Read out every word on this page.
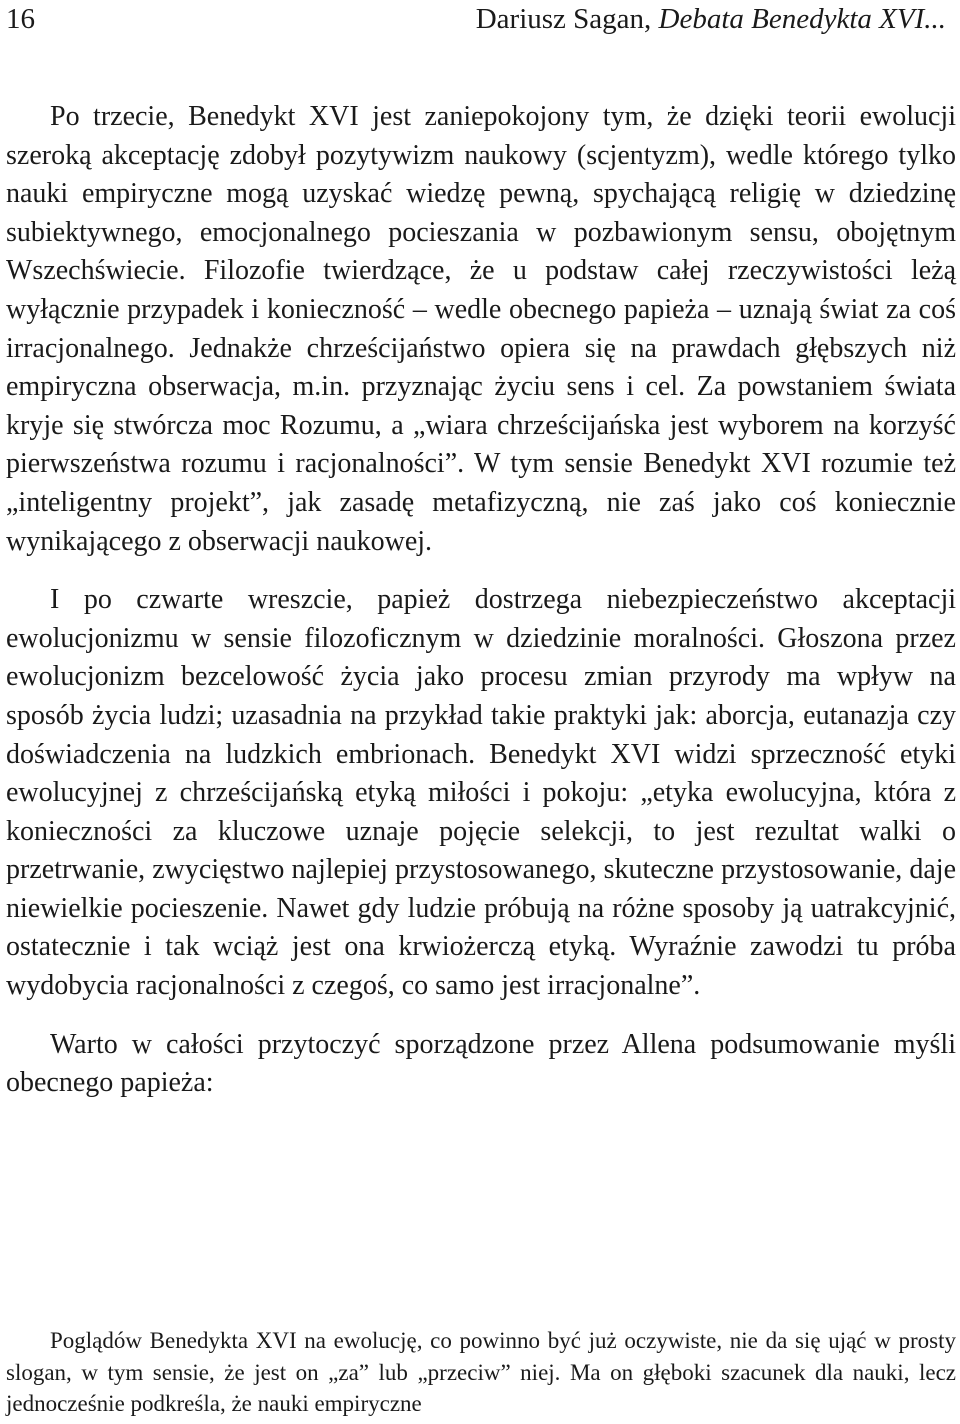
16	Dariusz Sagan, Debata Benedykta XVI...

Po trzecie, Benedykt XVI jest zaniepokojony tym, że dzięki teorii ewolucji szeroką akceptację zdobył pozytywizm naukowy (scjentyzm), wedle którego tylko nauki empiryczne mogą uzyskać wiedzę pewną, spychającą religię w dziedzinę subiektywnego, emocjonalnego pocieszania w pozbawionym sensu, obojętnym Wszechświecie. Filozofie twierdzące, że u podstaw całej rzeczywistości leżą wyłącznie przypadek i konieczność – wedle obecnego papieża – uznają świat za coś irracjonalnego. Jednakże chrześcijaństwo opiera się na prawdach głębszych niż empiryczna obserwacja, m.in. przyznając życiu sens i cel. Za powstaniem świata kryje się stwórcza moc Rozumu, a „wiara chrześcijańska jest wyborem na korzyść pierwszeństwa rozumu i racjonalności”. W tym sensie Benedykt XVI rozumie też „inteligentny projekt”, jak zasadę metafizyczną, nie zaś jako coś koniecznie wynikającego z obserwacji naukowej.

I po czwarte wreszcie, papież dostrzega niebezpieczeństwo akceptacji ewolucjonizmu w sensie filozoficznym w dziedzinie moralności. Głoszona przez ewolucjonizm bezcelowość życia jako procesu zmian przyrody ma wpływ na sposób życia ludzi; uzasadnia na przykład takie praktyki jak: aborcja, eutanazja czy doświadczenia na ludzkich embrionach. Benedykt XVI widzi sprzeczność etyki ewolucyjnej z chrześcijańską etyką miłości i pokoju: „etyka ewolucyjna, która z konieczności za kluczowe uznaje pojęcie selekcji, to jest rezultat walki o przetrwanie, zwycięstwo najlepiej przystosowanego, skuteczne przystosowanie, daje niewielkie pocieszenie. Nawet gdy ludzie próbują na różne sposoby ją uatrakcyjnić, ostatecznie i tak wciąż jest ona krwiożerczą etyką. Wyraźnie zawodzi tu próba wydobycia racjonalności z czegoś, co samo jest irracjonalne”.

Warto w całości przytoczyć sporządzone przez Allena podsumowanie myśli obecnego papieża:

Poglądów Benedykta XVI na ewolucję, co powinno być już oczywiste, nie da się ująć w prosty slogan, w tym sensie, że jest on „za” lub „przeciw” niej. Ma on głęboki szacunek dla nauki, lecz jednocześnie podkreśla, że nauki empiryczne
